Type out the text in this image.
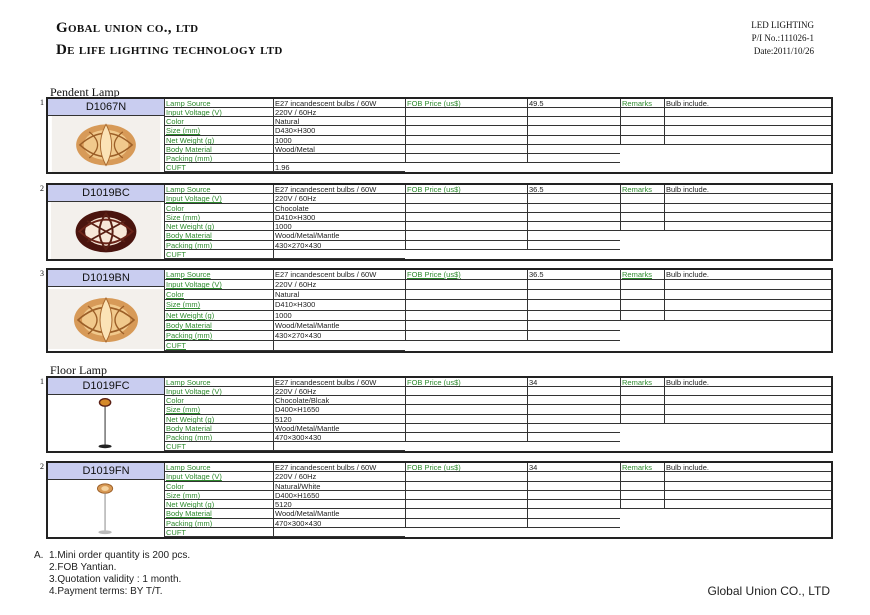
Gobal union co., ltd
De life lighting technology ltd
LED LIGHTING
P/I No.:111026-1
Date:2011/10/26
Pendent Lamp
Floor Lamp
1	D1067N	Lamp Source	E27 incandescent bulbs / 60W	FOB Price (us$)	49.5	Remarks	Bulb include.
Input Voltage (V)	220V / 60Hz
Color	Natural
Size (mm)	D430×H300
Net Weight (g)	1000
Body Material	Wood/Metal
Packing (mm)
CUFT	1.96
2	D1019BC	Lamp Source	E27 incandescent bulbs / 60W	FOB Price (us$)	36.5	Remarks	Bulb include.
Input Voltage (V)	220V / 60Hz
Color	Chocolate
Size (mm)	D410×H300
Net Weight (g)	1000
Body Material	Wood/Metal/Mantle
Packing (mm)	430×270×430
CUFT
3	D1019BN	Lamp Source	E27 incandescent bulbs / 60W	FOB Price (us$)	36.5	Remarks	Bulb include.
Input Voltage (V)	220V / 60Hz
Color	Natural
Size (mm)	D410×H300
Net Weight (g)	1000
Body Material	Wood/Metal/Mantle
Packing (mm)	430×270×430
CUFT
1	D1019FC	Lamp Source	E27 incandescent bulbs / 60W	FOB Price (us$)	34	Remarks	Bulb include.
Input Voltage (V)	220V / 60Hz
Color	Chocolate/Blcak
Size (mm)	D400×H1650
Net Weight (g)	5120
Body Material	Wood/Metal/Mantle
Packing (mm)	470×300×430
CUFT
2	D1019FN	Lamp Source	E27 incandescent bulbs / 60W	FOB Price (us$)	34	Remarks	Bulb include.
Input Voltage (V)	220V / 60Hz
Color	Natural/White
Size (mm)	D400×H1650
Net Weight (g)	5120
Body Material	Wood/Metal/Mantle
Packing (mm)	470×300×430
CUFT
A. 1.Mini order quantity is 200 pcs.
2.FOB Yantian.
3.Quotation validity : 1 month.
4.Payment terms: BY T/T.	Global Union CO., LTD
